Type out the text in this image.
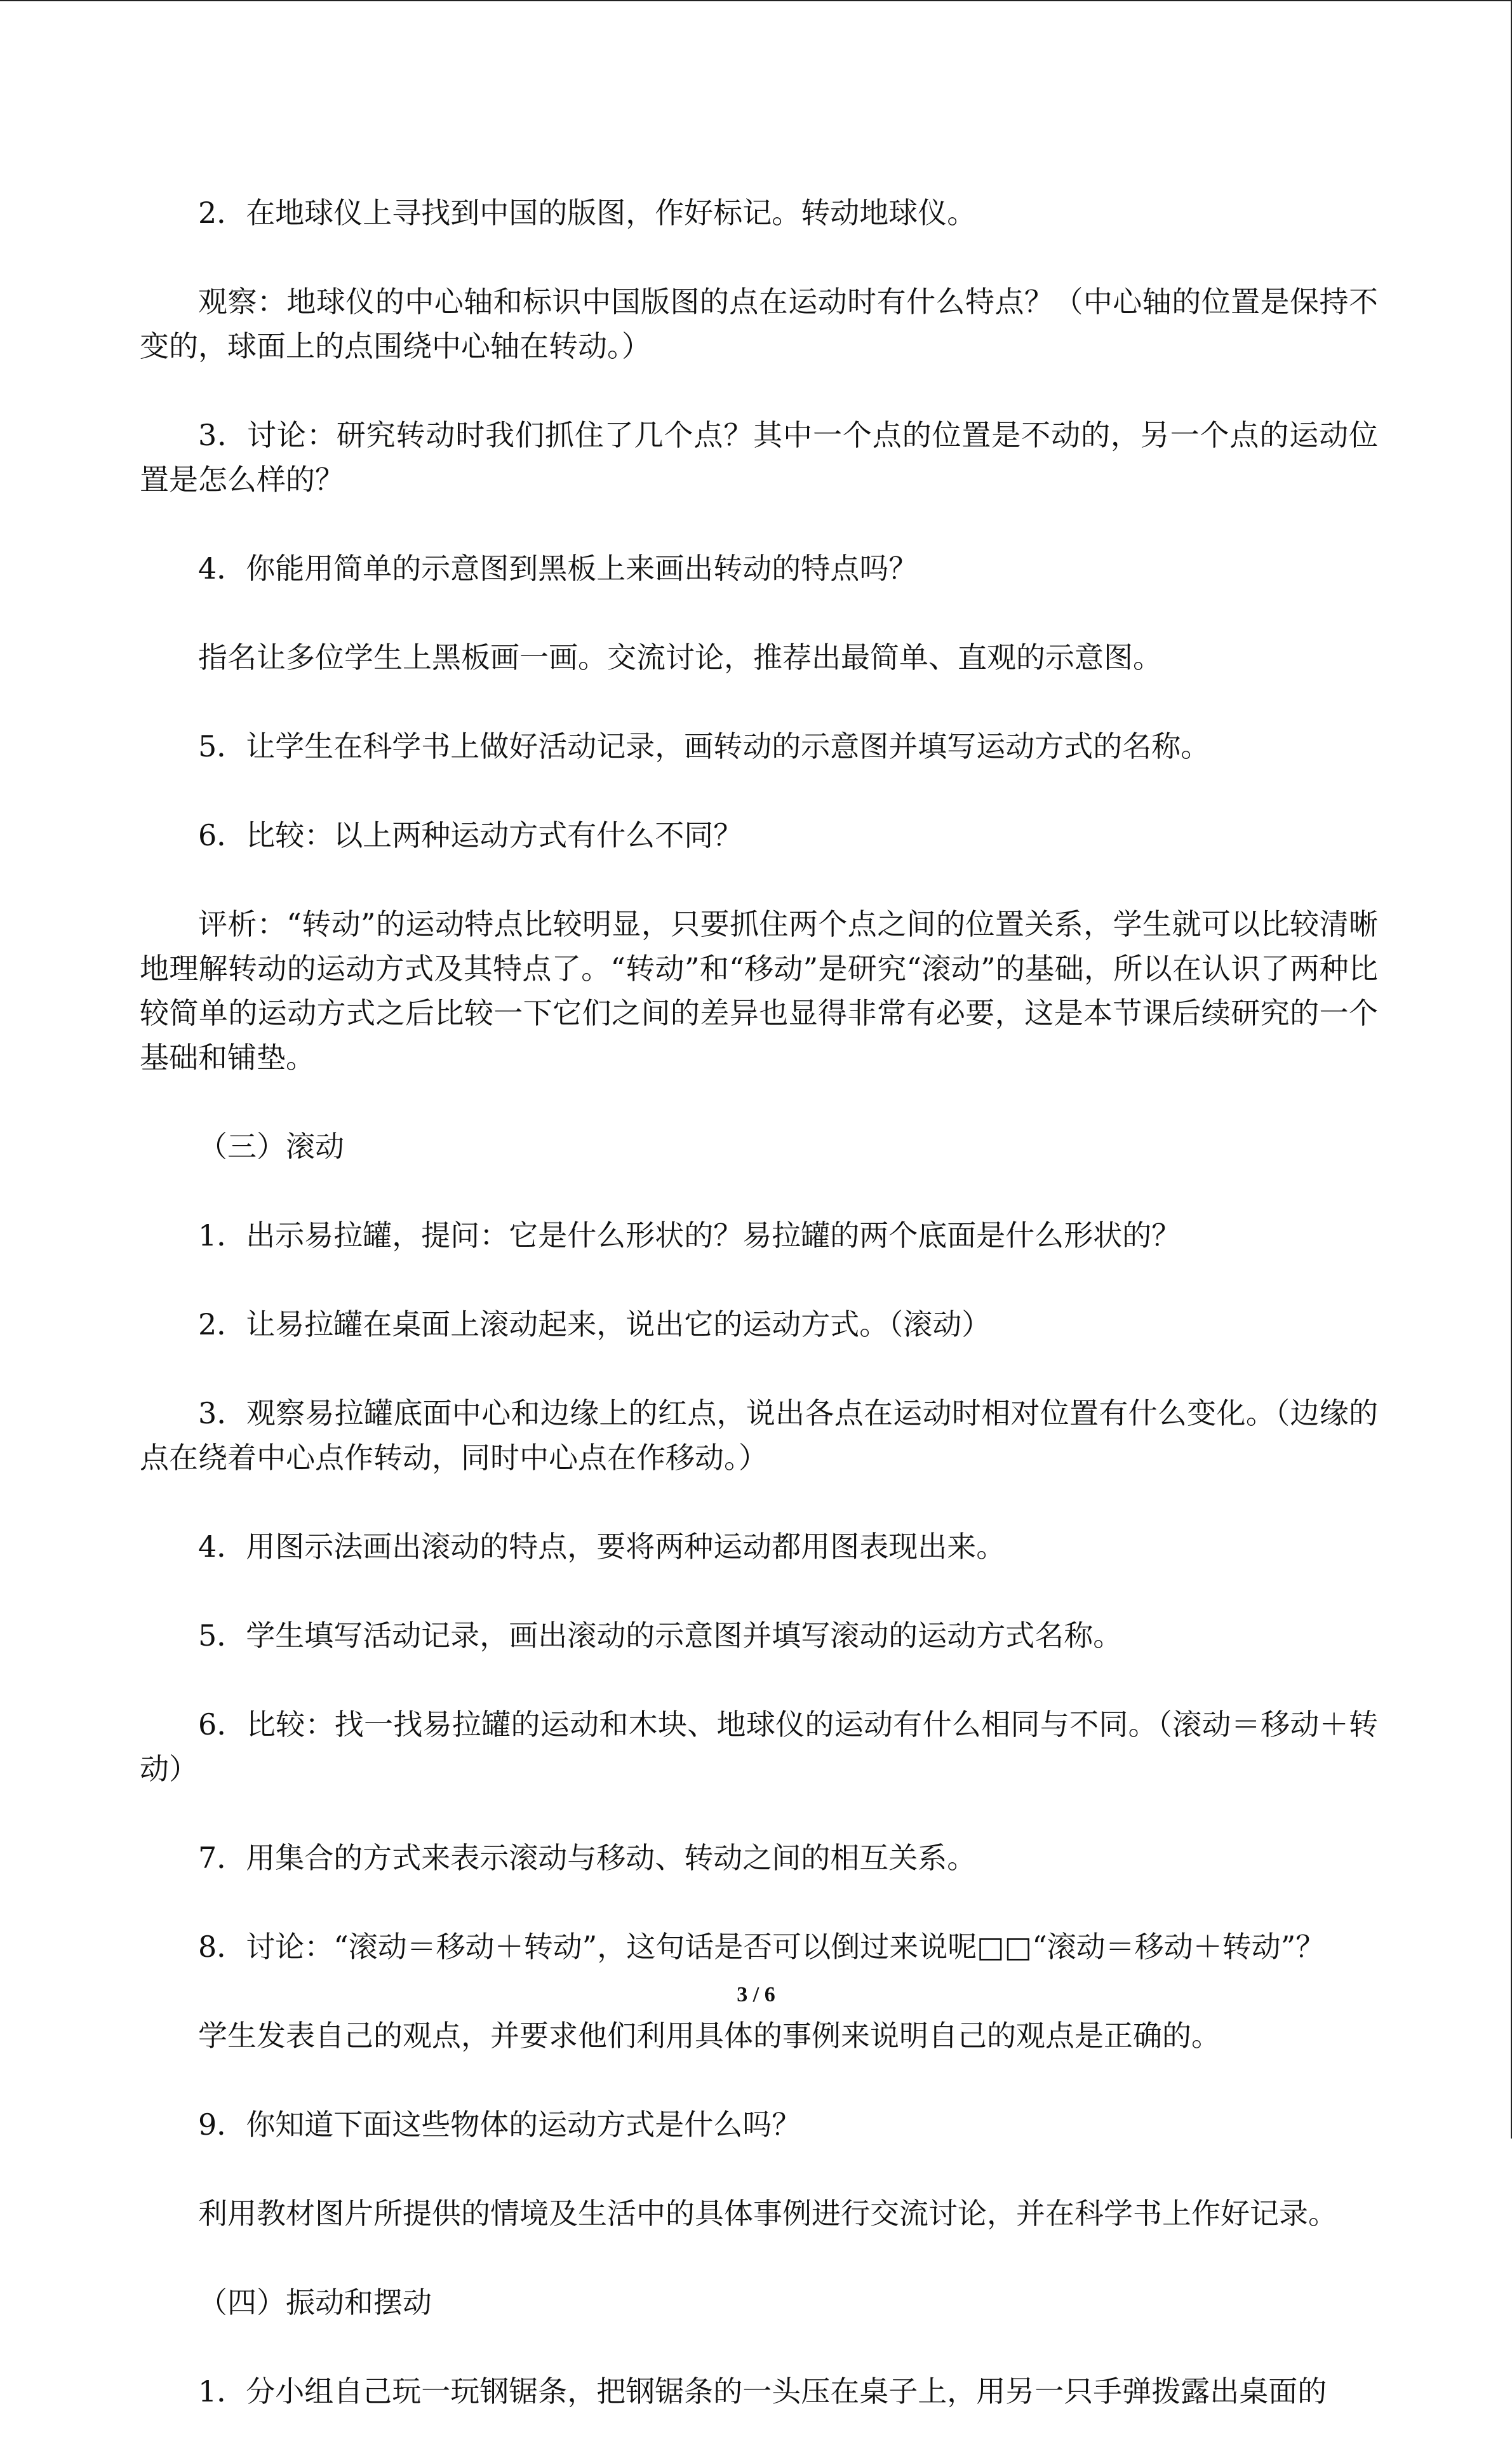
2．在地球仪上寻找到中国的版图，作好标记。转动地球仪。

观察：地球仪的中心轴和标识中国版图的点在运动时有什么特点？（中心轴的位置是保持不变的，球面上的点围绕中心轴在转动。）

3．讨论：研究转动时我们抓住了几个点？其中一个点的位置是不动的，另一个点的运动位置是怎么样的？

4．你能用简单的示意图到黑板上来画出转动的特点吗？

指名让多位学生上黑板画一画。交流讨论，推荐出最简单、直观的示意图。

5．让学生在科学书上做好活动记录，画转动的示意图并填写运动方式的名称。

6．比较：以上两种运动方式有什么不同？

评析：“转动”的运动特点比较明显，只要抓住两个点之间的位置关系，学生就可以比较清晰地理解转动的运动方式及其特点了。“转动”和“移动”是研究“滚动”的基础，所以在认识了两种比较简单的运动方式之后比较一下它们之间的差异也显得非常有必要，这是本节课后续研究的一个基础和铺垫。

（三）滚动

1．出示易拉罐，提问：它是什么形状的？易拉罐的两个底面是什么形状的？

2．让易拉罐在桌面上滚动起来，说出它的运动方式。（滚动）

3．观察易拉罐底面中心和边缘上的红点，说出各点在运动时相对位置有什么变化。（边缘的点在绕着中心点作转动，同时中心点在作移动。）

4．用图示法画出滚动的特点，要将两种运动都用图表现出来。

5．学生填写活动记录，画出滚动的示意图并填写滚动的运动方式名称。

6．比较：找一找易拉罐的运动和木块、地球仪的运动有什么相同与不同。（滚动＝移动＋转动）

7．用集合的方式来表示滚动与移动、转动之间的相互关系。

8．讨论：“滚动＝移动＋转动”，这句话是否可以倒过来说呢□□“滚动＝移动＋转动”？

学生发表自己的观点，并要求他们利用具体的事例来说明自己的观点是正确的。

9．你知道下面这些物体的运动方式是什么吗？

利用教材图片所提供的情境及生活中的具体事例进行交流讨论，并在科学书上作好记录。

（四）振动和摆动

1．分小组自己玩一玩钢锯条，把钢锯条的一头压在桌子上，用另一只手弹拨露出桌面的

3 / 6
